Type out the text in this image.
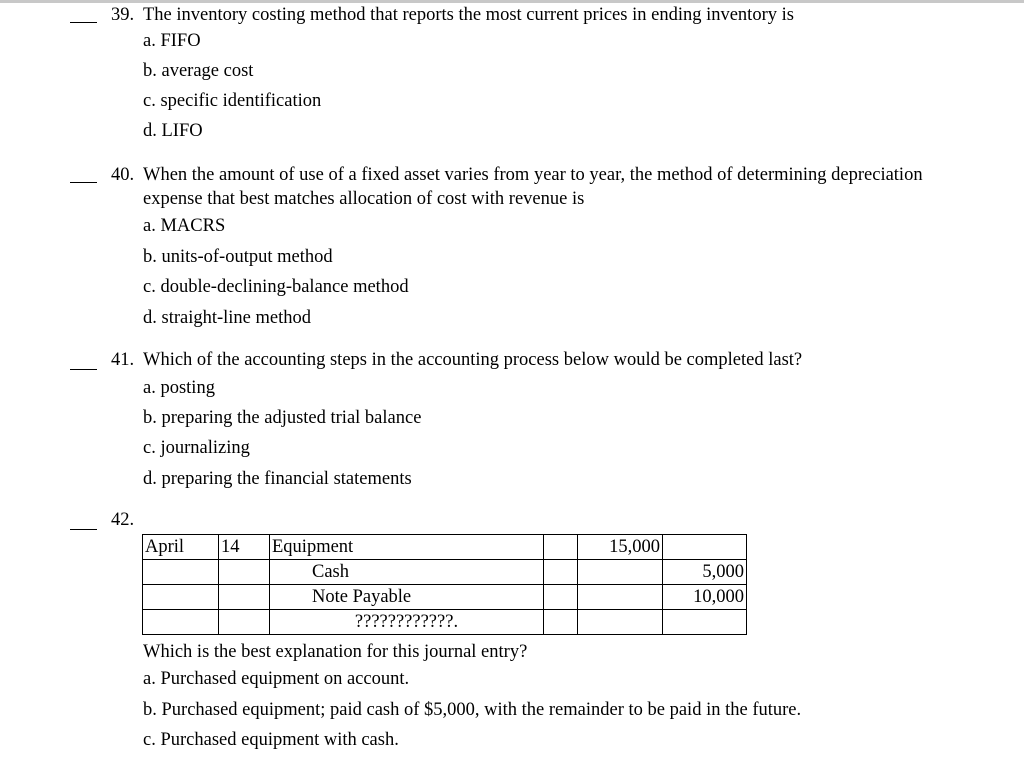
39. The inventory costing method that reports the most current prices in ending inventory is
a. FIFO
b. average cost
c. specific identification
d. LIFO
40. When the amount of use of a fixed asset varies from year to year, the method of determining depreciation
expense that best matches allocation of cost with revenue is
a. MACRS
b. units-of-output method
c. double-declining-balance method
d. straight-line method
41. Which of the accounting steps in the accounting process below would be completed last?
a. posting
b. preparing the adjusted trial balance
c. journalizing
d. preparing the financial statements
42.
April	14	Equipment		15,000	
		Cash			5,000
		Note Payable			10,000
		????????????.			
Which is the best explanation for this journal entry?
a. Purchased equipment on account.
b. Purchased equipment; paid cash of $5,000, with the remainder to be paid in the future.
c. Purchased equipment with cash.
